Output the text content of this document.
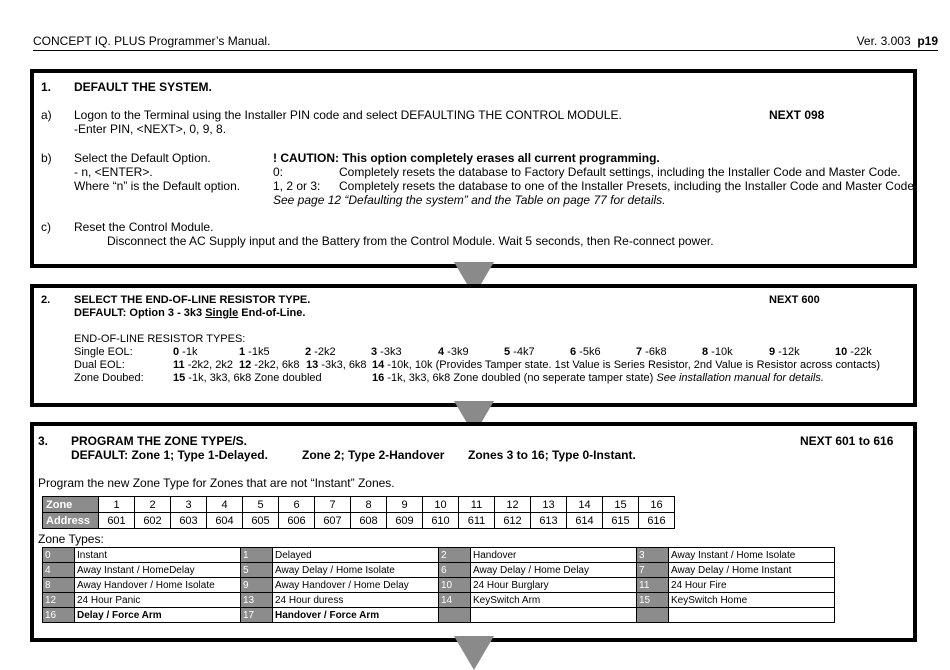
CONCEPT IQ. PLUS Programmer’s Manual.	Ver. 3.003 p19
1. DEFAULT THE SYSTEM.
a) Logon to the Terminal using the Installer PIN code and select DEFAULTING THE CONTROL MODULE.	NEXT 098
-Enter PIN, <NEXT>, 0, 9, 8.
b) Select the Default Option.
- n, <ENTER>.
Where “n” is the Default option.
! CAUTION: This option completely erases all current programming.
0:	Completely resets the database to Factory Default settings, including the Installer Code and Master Code.
1, 2 or 3: Completely resets the database to one of the Installer Presets, including the Installer Code and Master Code.
See page 12 “Defaulting the system” and the Table on page 77 for details.
c) Reset the Control Module.
Disconnect the AC Supply input and the Battery from the Control Module. Wait 5 seconds, then Re-connect power.
2. SELECT THE END-OF-LINE RESISTOR TYPE.	NEXT 600
DEFAULT: Option 3 - 3k3 Single End-of-Line.
END-OF-LINE RESISTOR TYPES:
Single EOL:	0 -1k	1 -1k5	2 -2k2	3 -3k3	4 -3k9	5 -4k7	6 -5k6	7 -6k8	8 -10k	9 -12k	10 -22k
Dual EOL:	11 -2k2, 2k2 12 -2k2, 6k8 13 -3k3, 6k8 14 -10k, 10k (Provides Tamper state. 1st Value is Series Resistor, 2nd Value is Resistor across contacts)
Zone Doubed:	15 -1k, 3k3, 6k8 Zone doubled	16 -1k, 3k3, 6k8 Zone doubled (no seperate tamper state) See installation manual for details.
3. PROGRAM THE ZONE TYPE/S.	NEXT 601 to 616
DEFAULT: Zone 1; Type 1-Delayed.	Zone 2; Type 2-Handover Zones 3 to 16; Type 0-Instant.
Program the new Zone Type for Zones that are not “Instant” Zones.
Zone	1	2	3	4	5	6	7	8	9	10	11	12	13	14	15	16
Address	601	602	603	604	605	606	607	608	609	610	611	612	613	614	615	616
Zone Types:
0	Instant	1	Delayed	2	Handover	3	Away Instant / Home Isolate
4	Away Instant / HomeDelay	5	Away Delay / Home Isolate	6	Away Delay / Home Delay	7	Away Delay / Home Instant
8	Away Handover / Home Isolate	9	Away Handover / Home Delay	10	24 Hour Burglary	11	24 Hour Fire
12	24 Hour Panic	13	24 Hour duress	14	KeySwitch Arm	15	KeySwitch Home
16	Delay / Force Arm	17	Handover / Force Arm				
